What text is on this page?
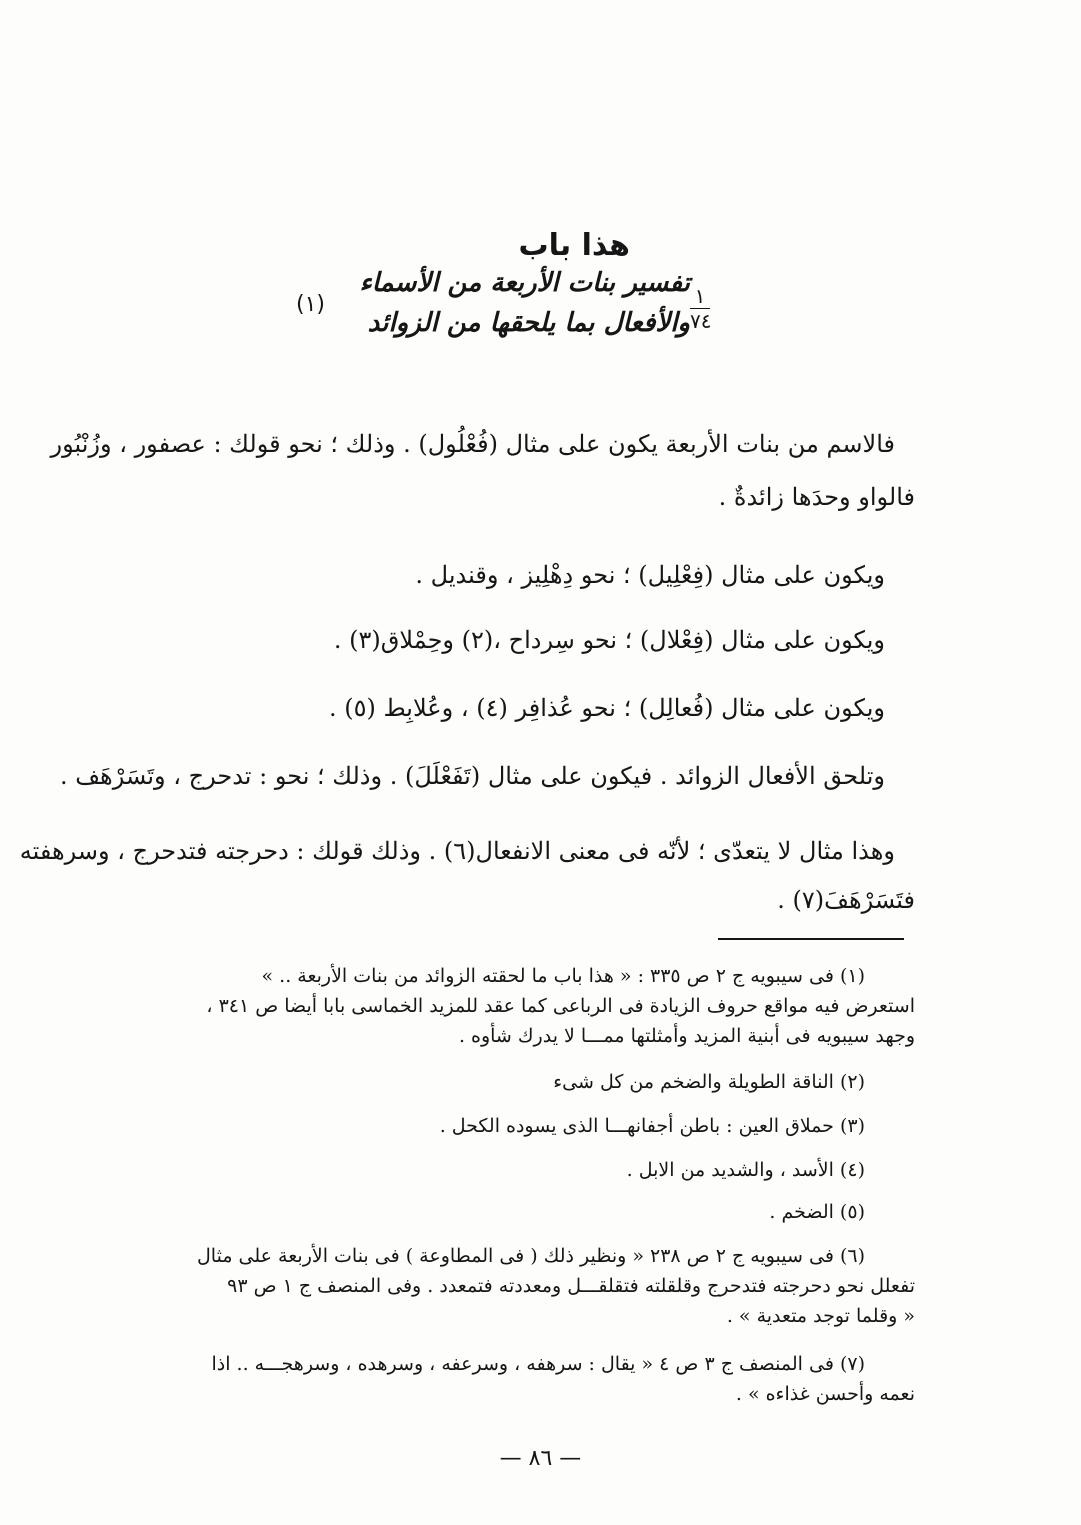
هذا باب
تفسير بنات الأربعة من الأسماء
والأفعال بما يلحقها من الزوائد
١
٧٤
(١)
فالاسم من بنات الأربعة يكون على مثال (فُعْلُول) . وذلك ؛ نحو قولك : عصفور ، وزُنْبُور
فالواو وحدَها زائدةٌ .
ويكون على مثال (فِعْلِيل) ؛ نحو دِهْلِيز ، وقنديل .
ويكون على مثال (فِعْلال) ؛ نحو سِرداح ،(٢) وحِمْلاق(٣) .
ويكون على مثال (فُعالِل) ؛ نحو عُذافِر (٤) ، وعُلابِط (٥) .
وتلحق الأفعال الزوائد . فيكون على مثال (تَفَعْلَلَ) . وذلك ؛ نحو : تدحرج ، وتَسَرْهَف .
وهذا مثال لا يتعدّى ؛ لأنّه فى معنى الانفعال(٦) . وذلك قولك : دحرجته فتدحرج ، وسرهفته
فتَسَرْهَفَ(٧) .
(١) فى سيبويه ج ٢ ص ٣٣٥ : « هذا باب ما لحقته الزوائد من بنات الأربعة .. »
استعرض فيه مواقع حروف الزيادة فى الرباعى كما عقد للمزيد الخماسى بابا أيضا ص ٣٤١ ،
وجهد سيبويه فى أبنية المزيد وأمثلتها ممـــا لا يدرك شأوه .
(٢) الناقة الطويلة والضخم من كل شىء
(٣) حملاق العين : باطن أجفانهـــا الذى يسوده الكحل .
(٤) الأسد ، والشديد من الابل .
(٥) الضخم .
(٦) فى سيبويه ج ٢ ص ٢٣٨ « ونظير ذلك ( فى المطاوعة ) فى بنات الأربعة على مثال
تفعلل نحو دحرجته فتدحرج وقلقلته فتقلقـــل ومعددته فتمعدد . وفى المنصف ج ١ ص ٩٣
« وقلما توجد متعدية » .
(٧) فى المنصف ج ٣ ص ٤ « يقال : سرهفه ، وسرعفه ، وسرهده ، وسرهجـــه .. اذا
نعمه وأحسن غذاءه » .
— ٨٦ —
